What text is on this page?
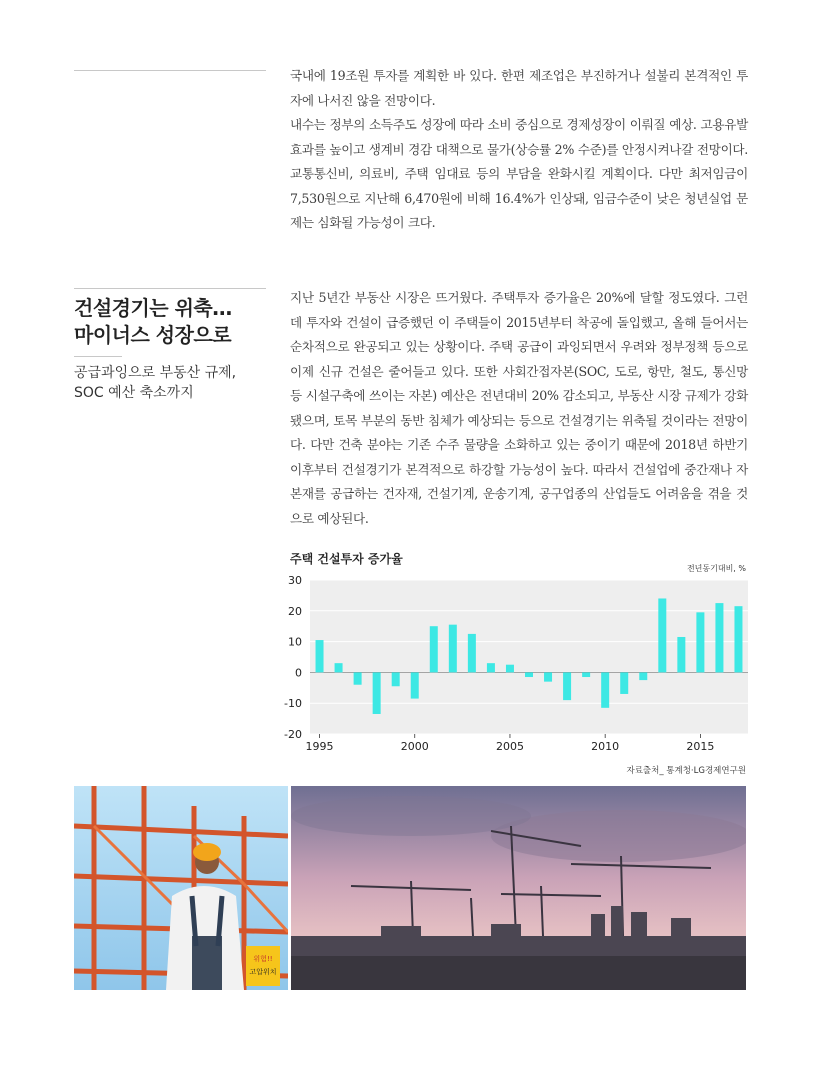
국내에 19조원 투자를 계획한 바 있다. 한편 제조업은 부진하거나 설불리 본격적인 투자에 나서진 않을 전망이다.

내수는 정부의 소득주도 성장에 따라 소비 중심으로 경제성장이 이뤄질 예상. 고용유발 효과를 높이고 생계비 경감 대책으로 물가(상승률 2% 수준)를 안정시켜나갈 전망이다. 교통통신비, 의료비, 주택 임대료 등의 부담을 완화시킬 계획이다. 다만 최저임금이 7,530원으로 지난해 6,470원에 비해 16.4%가 인상돼, 임금수준이 낮은 청년실업 문제는 심화될 가능성이 크다.

건설경기는 위축…
마이너스 성장으로
공급과잉으로 부동산 규제,
SOC 예산 축소까지

지난 5년간 부동산 시장은 뜨거웠다. 주택투자 증가율은 20%에 달할 정도였다. 그런데 투자와 건설이 급증했던 이 주택들이 2015년부터 착공에 돌입했고, 올해 들어서는 순차적으로 완공되고 있는 상황이다. 주택 공급이 과잉되면서 우려와 정부정책 등으로 이제 신규 건설은 줄어들고 있다. 또한 사회간접자본(SOC, 도로, 항만, 철도, 통신망 등 시설구축에 쓰이는 자본) 예산은 전년대비 20% 감소되고, 부동산 시장 규제가 강화됐으며, 토목 부분의 동반 침체가 예상되는 등으로 건설경기는 위축될 것이라는 전망이다. 다만 건축 분야는 기존 수주 물량을 소화하고 있는 중이기 때문에 2018년 하반기 이후부터 건설경기가 본격적으로 하강할 가능성이 높다. 따라서 건설업에 중간재나 자본재를 공급하는 건자재, 건설기계, 운송기계, 공구업종의 산업들도 어려움을 겪을 것으로 예상된다.

주택 건설투자 증가율
전년동기대비, %
30
20
10
0
-10
-20
1995	2000	2005	2010	2015
자료출처_ 통계청·LG경제연구원
위험!!
고압위치
